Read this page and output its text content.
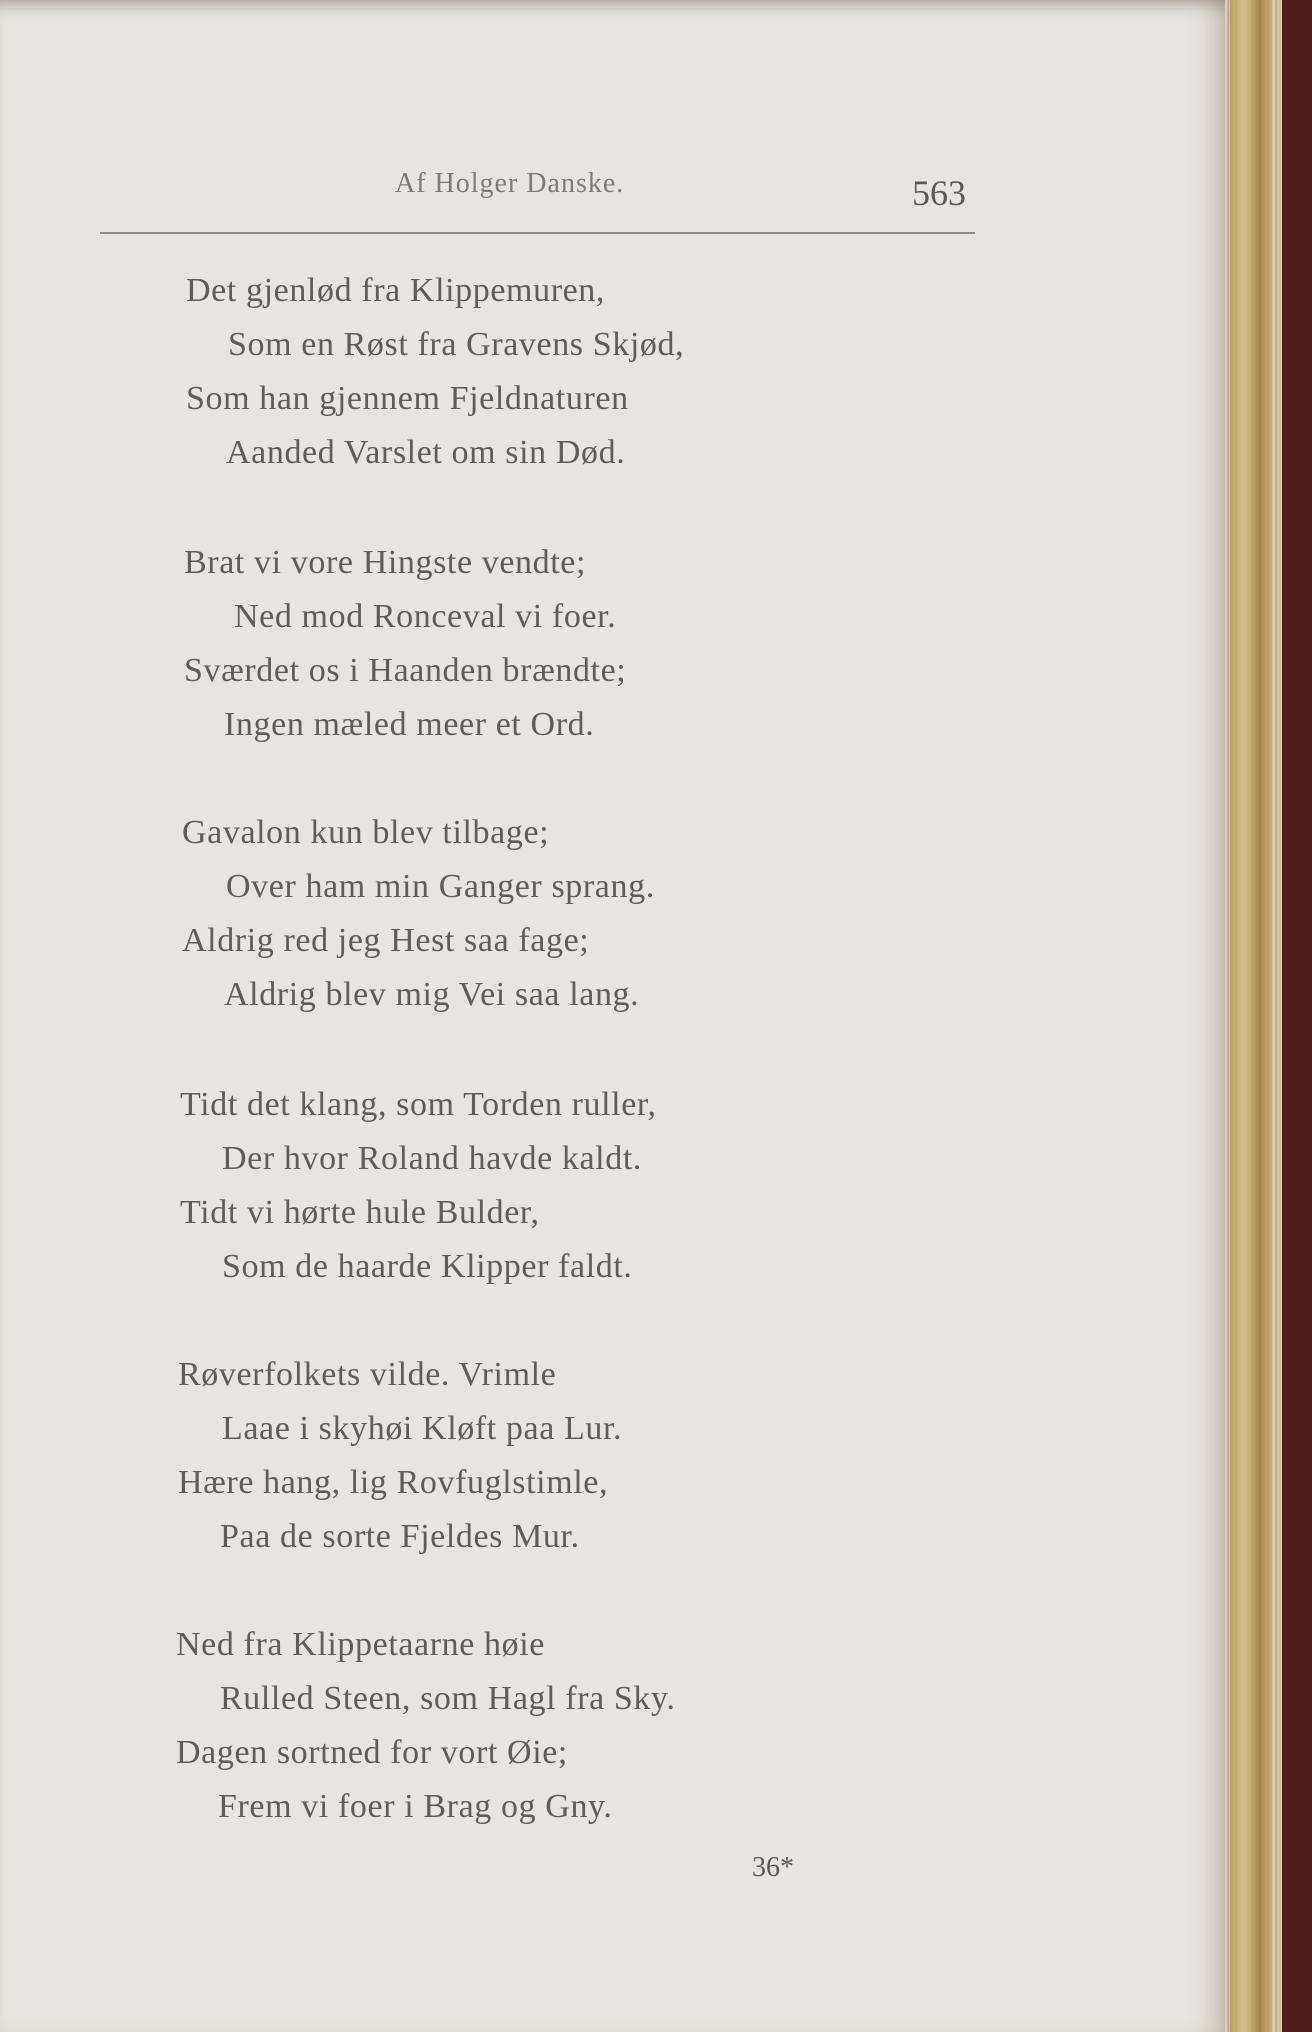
Af Holger Danske.	563
Det gjenlød fra Klippemuren,
Som en Røst fra Gravens Skjød,
Som han gjennem Fjeldnaturen
Aanded Varslet om sin Død.
Brat vi vore Hingste vendte;
Ned mod Ronceval vi foer.
Sværdet os i Haanden brændte;
Ingen mæled meer et Ord.
Gavalon kun blev tilbage;
Over ham min Ganger sprang.
Aldrig red jeg Hest saa fage;
Aldrig blev mig Vei saa lang.
Tidt det klang, som Torden ruller,
Der hvor Roland havde kaldt.
Tidt vi hørte hule Bulder,
Som de haarde Klipper faldt.
Røverfolkets vilde. Vrimle
Laae i skyhøi Kløft paa Lur.
Hære hang, lig Rovfuglstimle,
Paa de sorte Fjeldes Mur.
Ned fra Klippetaarne høie
Rulled Steen, som Hagl fra Sky.
Dagen sortned for vort Øie;
Frem vi foer i Brag og Gny.
36*
